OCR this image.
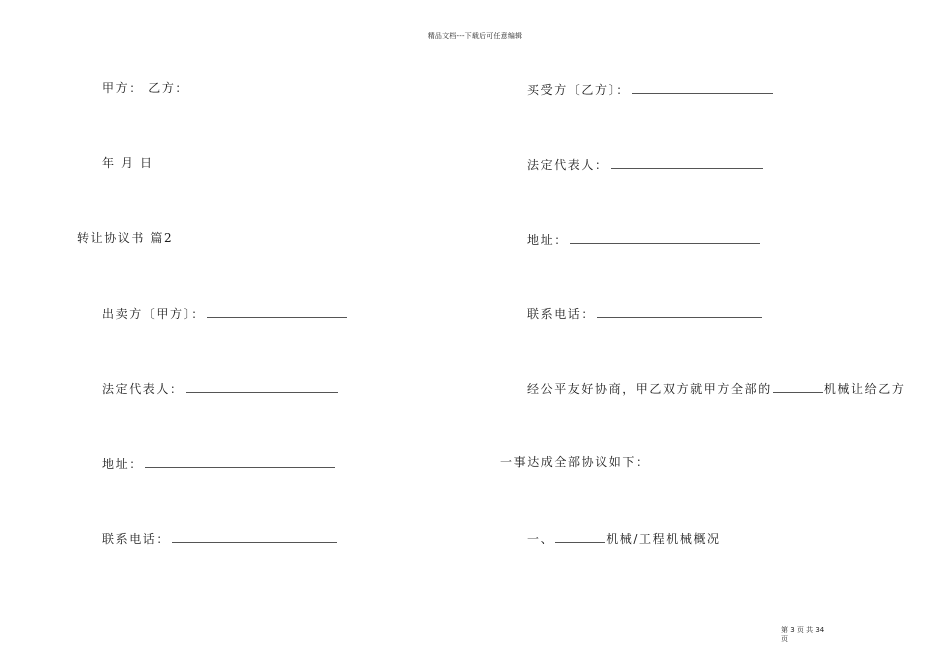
精品文档---下载后可任意编辑
甲方： 乙方：
年 月 日
转让协议书 篇2
出卖方〔甲方〕：
法定代表人：
地址：
联系电话：
买受方〔乙方〕：
法定代表人：
地址：
联系电话：
经公平友好协商，甲乙双方就甲方全部的	机械让给乙方
一事达成全部协议如下：
一、	机械/工程机械概况
第 3 页 共 34
页
